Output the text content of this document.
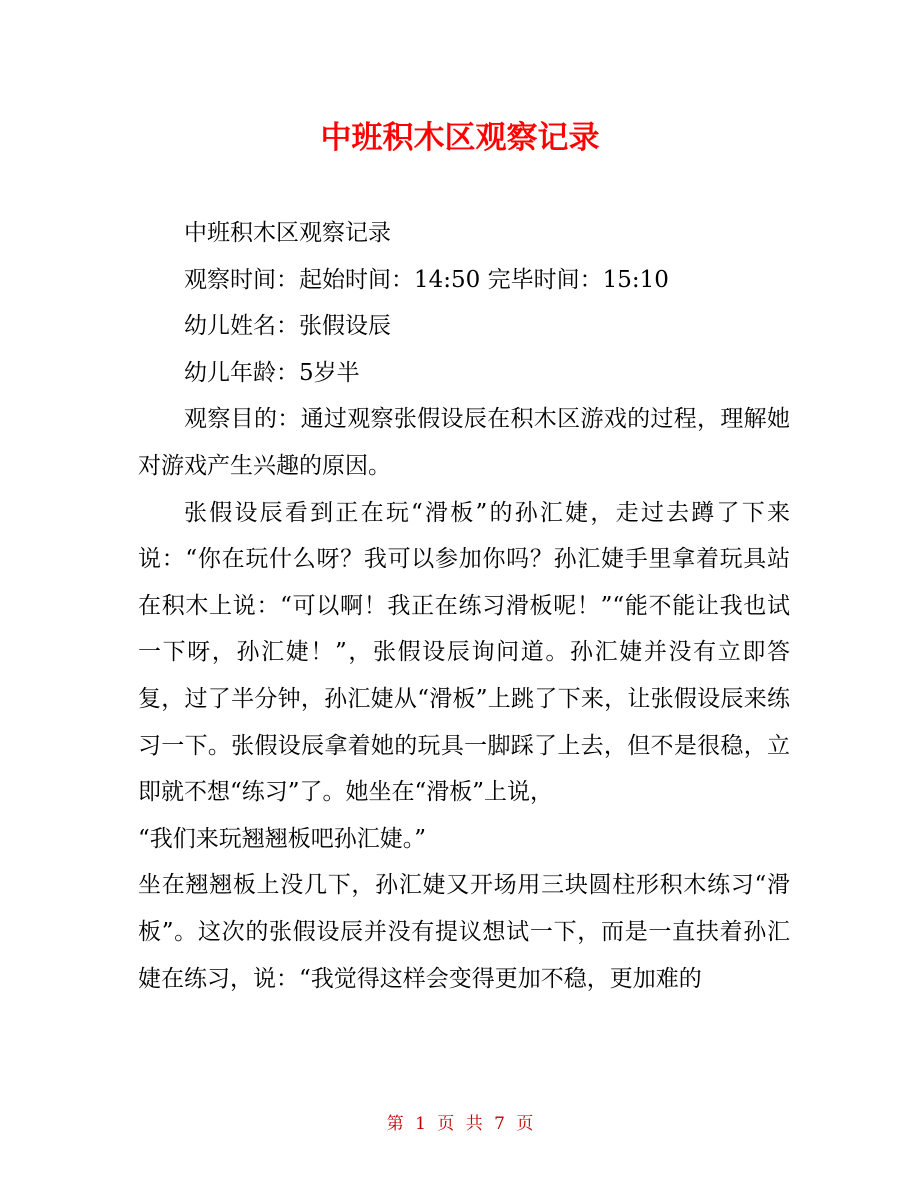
中班积木区观察记录

中班积木区观察记录

观察时间：起始时间：14:50 完毕时间：15:10

幼儿姓名：张假设辰

幼儿年龄：5岁半

观察目的：通过观察张假设辰在积木区游戏的过程，理解她对游戏产生兴趣的原因。

张假设辰看到正在玩“滑板”的孙汇婕，走过去蹲了下来说：“你在玩什么呀？我可以参加你吗？孙汇婕手里拿着玩具站在积木上说：“可以啊！我正在练习滑板呢！”“能不能让我也试一下呀，孙汇婕！”，张假设辰询问道。孙汇婕并没有立即答复，过了半分钟，孙汇婕从“滑板”上跳了下来，让张假设辰来练习一下。张假设辰拿着她的玩具一脚踩了上去，但不是很稳，立即就不想“练习”了。她坐在“滑板”上说，

“我们来玩翘翘板吧孙汇婕。”

坐在翘翘板上没几下，孙汇婕又开场用三块圆柱形积木练习“滑板”。这次的张假设辰并没有提议想试一下，而是一直扶着孙汇婕在练习，说：“我觉得这样会变得更加不稳，更加难的

第 1 页 共 7 页
